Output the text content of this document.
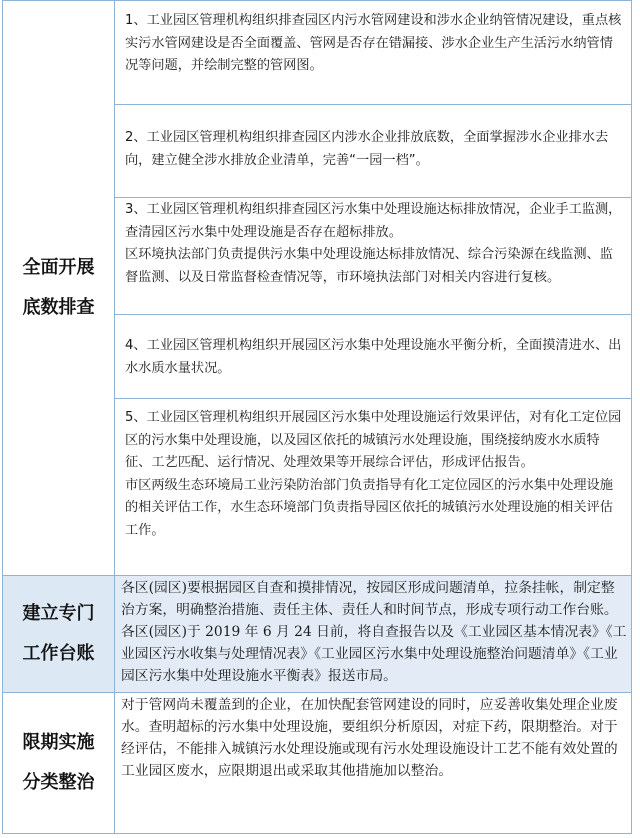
全面开展
底数排查

1、工业园区管理机构组织排查园区内污水管网建设和涉水企业纳管情况建设，重点核实污水管网建设是否全面覆盖、管网是否存在错漏接、涉水企业生产生活污水纳管情况等问题，并绘制完整的管网图。

2、工业园区管理机构组织排查园区内涉水企业排放底数，全面掌握涉水企业排水去向，建立健全涉水排放企业清单，完善“一园一档”。

3、工业园区管理机构组织排查园区污水集中处理设施达标排放情况，企业手工监测，查清园区污水集中处理设施是否存在超标排放。

区环境执法部门负责提供污水集中处理设施达标排放情况、综合污染源在线监测、监督监测、以及日常监督检查情况等，市环境执法部门对相关内容进行复核。

4、工业园区管理机构组织开展园区污水集中处理设施水平衡分析，全面摸清进水、出水水质水量状况。

5、工业园区管理机构组织开展园区污水集中处理设施运行效果评估，对有化工定位园区的污水集中处理设施，以及园区依托的城镇污水处理设施，围绕接纳废水水质特征、工艺匹配、运行情况、处理效果等开展综合评估，形成评估报告。

市区两级生态环境局工业污染防治部门负责指导有化工定位园区的污水集中处理设施的相关评估工作，水生态环境部门负责指导园区依托的城镇污水处理设施的相关评估工作。

建立专门
工作台账

各区(园区)要根据园区自查和摸排情况，按园区形成问题清单，拉条挂帐，制定整治方案，明确整治措施、责任主体、责任人和时间节点，形成专项行动工作台账。各区(园区)于 2019 年 6 月 24 日前，将自查报告以及《工业园区基本情况表》《工业园区污水收集与处理情况表》《工业园区污水集中处理设施整治问题清单》《工业园区污水集中处理设施水平衡表》报送市局。

限期实施
分类整治

对于管网尚未覆盖到的企业，在加快配套管网建设的同时，应妥善收集处理企业废水。查明超标的污水集中处理设施，要组织分析原因，对症下药，限期整治。对于经评估，不能排入城镇污水处理设施或现有污水处理设施设计工艺不能有效处置的工业园区废水，应限期退出或采取其他措施加以整治。
